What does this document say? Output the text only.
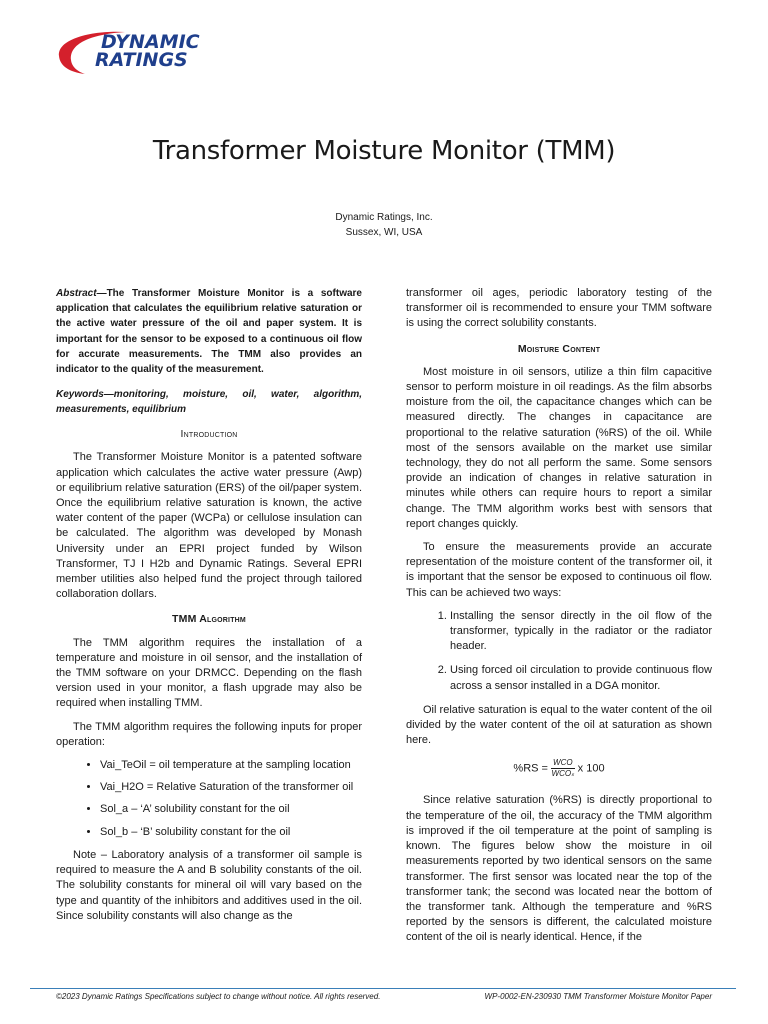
DYNAMIC
RATINGS
Transformer Moisture Monitor (TMM)
Dynamic Ratings, Inc.
Sussex, WI, USA

Abstract—The Transformer Moisture Monitor is a software application that calculates the equilibrium relative saturation or the active water pressure of the oil and paper system. It is important for the sensor to be exposed to a continuous oil flow for accurate measurements. The TMM also provides an indicator to the quality of the measurement.

Keywords—monitoring, moisture, oil, water, algorithm, measurements, equilibrium

Introduction

The Transformer Moisture Monitor is a patented software application which calculates the active water pressure (Awp) or equilibrium relative saturation (ERS) of the oil/paper system. Once the equilibrium relative saturation is known, the active water content of the paper (WCPa) or cellulose insulation can be calculated. The algorithm was developed by Monash University under an EPRI project funded by Wilson Transformer, TJ I H2b and Dynamic Ratings. Several EPRI member utilities also helped fund the project through tailored collaboration dollars.

TMM Algorithm

The TMM algorithm requires the installation of a temperature and moisture in oil sensor, and the installation of the TMM software on your DRMCC. Depending on the flash version used in your monitor, a flash upgrade may also be required when installing TMM.

The TMM algorithm requires the following inputs for proper operation:

• Vai_TeOil = oil temperature at the sampling location
• Vai_H2O = Relative Saturation of the transformer oil
• Sol_a – ‘A’ solubility constant for the oil
• Sol_b – ‘B’ solubility constant for the oil

Note – Laboratory analysis of a transformer oil sample is required to measure the A and B solubility constants of the oil. The solubility constants for mineral oil will vary based on the type and quantity of the inhibitors and additives used in the oil. Since solubility constants will also change as the

transformer oil ages, periodic laboratory testing of the transformer oil is recommended to ensure your TMM software is using the correct solubility constants.

Moisture Content

Most moisture in oil sensors, utilize a thin film capacitive sensor to perform moisture in oil readings. As the film absorbs moisture from the oil, the capacitance changes which can be measured directly. The changes in capacitance are proportional to the relative saturation (%RS) of the oil. While most of the sensors available on the market use similar technology, they do not all perform the same. Some sensors provide an indication of changes in relative saturation in minutes while others can require hours to report a similar change. The TMM algorithm works best with sensors that report changes quickly.

To ensure the measurements provide an accurate representation of the moisture content of the transformer oil, it is important that the sensor be exposed to continuous oil flow. This can be achieved two ways:

1. Installing the sensor directly in the oil flow of the transformer, typically in the radiator or the radiator header.
2. Using forced oil circulation to provide continuous flow across a sensor installed in a DGA monitor.

Oil relative saturation is equal to the water content of the oil divided by the water content of the oil at saturation as shown here.

$\%RS = \frac{\text{WCO}}{\text{WCOₛ}}$ x 100

Since relative saturation (%RS) is directly proportional to the temperature of the oil, the accuracy of the TMM algorithm is improved if the oil temperature at the point of sampling is known. The figures below show the moisture in oil measurements reported by two identical sensors on the same transformer. The first sensor was located near the top of the transformer tank; the second was located near the bottom of the transformer tank. Although the temperature and %RS reported by the sensors is different, the calculated moisture content of the oil is nearly identical. Hence, if the

©2023 Dynamic Ratings Specifications subject to change without notice. All rights reserved.	WP-0002-EN-230930 TMM Transformer Moisture Monitor Paper
